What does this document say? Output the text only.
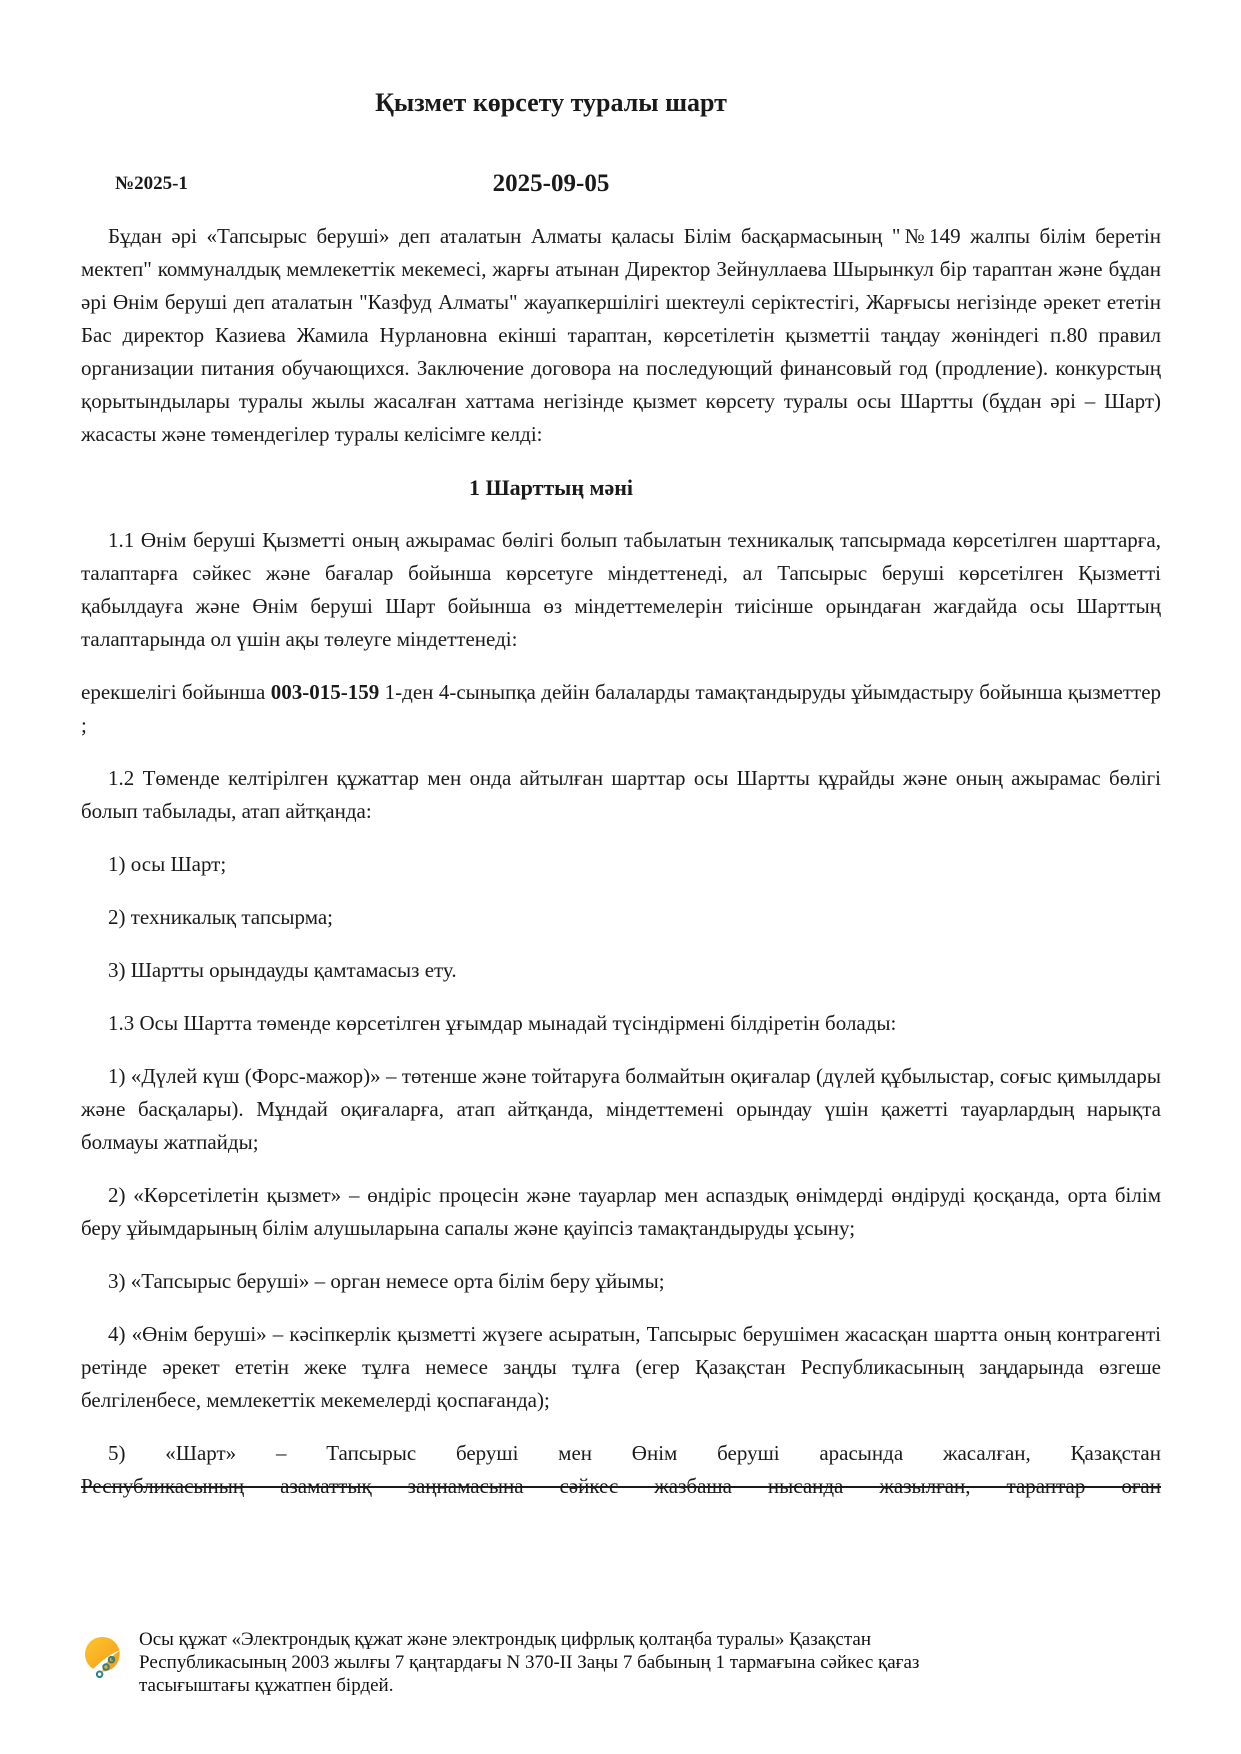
Қызмет көрсету туралы шарт
№2025-1	2025-09-05
Бұдан әрі «Тапсырыс беруші» деп аталатын Алматы қаласы Білім басқармасының "№149 жалпы білім беретін мектеп" коммуналдық мемлекеттік мекемесі, жарғы атынан Директор Зейнуллаева Шырынкул бір тараптан және бұдан әрі Өнім беруші деп аталатын "Казфуд Алматы" жауапкершілігі шектеулі серіктестігі, Жарғысы негізінде әрекет ететін Бас директор Казиева Жамила Нурлановна екінші тараптан, көрсетілетін қызметтіі таңдау жөніндегі п.80 правил организации питания обучающихся. Заключение договора на последующий финансовый год (продление). конкурстың қорытындылары туралы жылы жасалған хаттама негізінде қызмет көрсету туралы осы Шартты (бұдан әрі – Шарт) жасасты және төмендегілер туралы келісімге келді:
1 Шарттың мәні
1.1 Өнім беруші Қызметті оның ажырамас бөлігі болып табылатын техникалық тапсырмада көрсетілген шарттарға, талаптарға сәйкес және бағалар бойынша көрсетуге міндеттенеді, ал Тапсырыс беруші көрсетілген Қызметті қабылдауға және Өнім беруші Шарт бойынша өз міндеттемелерін тиісінше орындаған жағдайда осы Шарттың талаптарында ол үшін ақы төлеуге міндеттенеді:
ерекшелігі бойынша 003-015-159 1-ден 4-сыныпқа дейін балаларды тамақтандыруды ұйымдастыру бойынша қызметтер ;
1.2 Төменде келтірілген құжаттар мен онда айтылған шарттар осы Шартты құрайды және оның ажырамас бөлігі болып табылады, атап айтқанда:
1) осы Шарт;
2) техникалық тапсырма;
3) Шартты орындауды қамтамасыз ету.
1.3 Осы Шартта төменде көрсетілген ұғымдар мынадай түсіндірмені білдіретін болады:
1) «Дүлей күш (Форс-мажор)» – төтенше және тойтаруға болмайтын оқиғалар (дүлей құбылыстар, соғыс қимылдары және басқалары). Мұндай оқиғаларға, атап айтқанда, міндеттемені орындау үшін қажетті тауарлардың нарықта болмауы жатпайды;
2) «Көрсетілетін қызмет» – өндіріс процесін және тауарлар мен аспаздық өнімдерді өндіруді қосқанда, орта білім беру ұйымдарының білім алушыларына сапалы және қауіпсіз тамақтандыруды ұсыну;
3) «Тапсырыс беруші» – орган немесе орта білім беру ұйымы;
4) «Өнім беруші» – кәсіпкерлік қызметті жүзеге асыратын, Тапсырыс берушімен жасасқан шартта оның контрагенті ретінде әрекет ететін жеке тұлға немесе заңды тұлға (егер Қазақстан Республикасының заңдарында өзгеше белгіленбесе, мемлекеттік мекемелерді қоспағанда);
5) «Шарт» – Тапсырыс беруші мен Өнім беруші арасында жасалған, Қазақстан
Республикасының азаматтық заңнамасына сәйкес жазбаша нысанда жазылған, тараптар оған
Осы құжат «Электрондық құжат және электрондық цифрлық қолтаңба туралы» Қазақстан
Республикасының 2003 жылғы 7 қаңтардағы N 370-II Заңы 7 бабының 1 тармағына сәйкес қағаз
тасығыштағы құжатпен бірдей.
